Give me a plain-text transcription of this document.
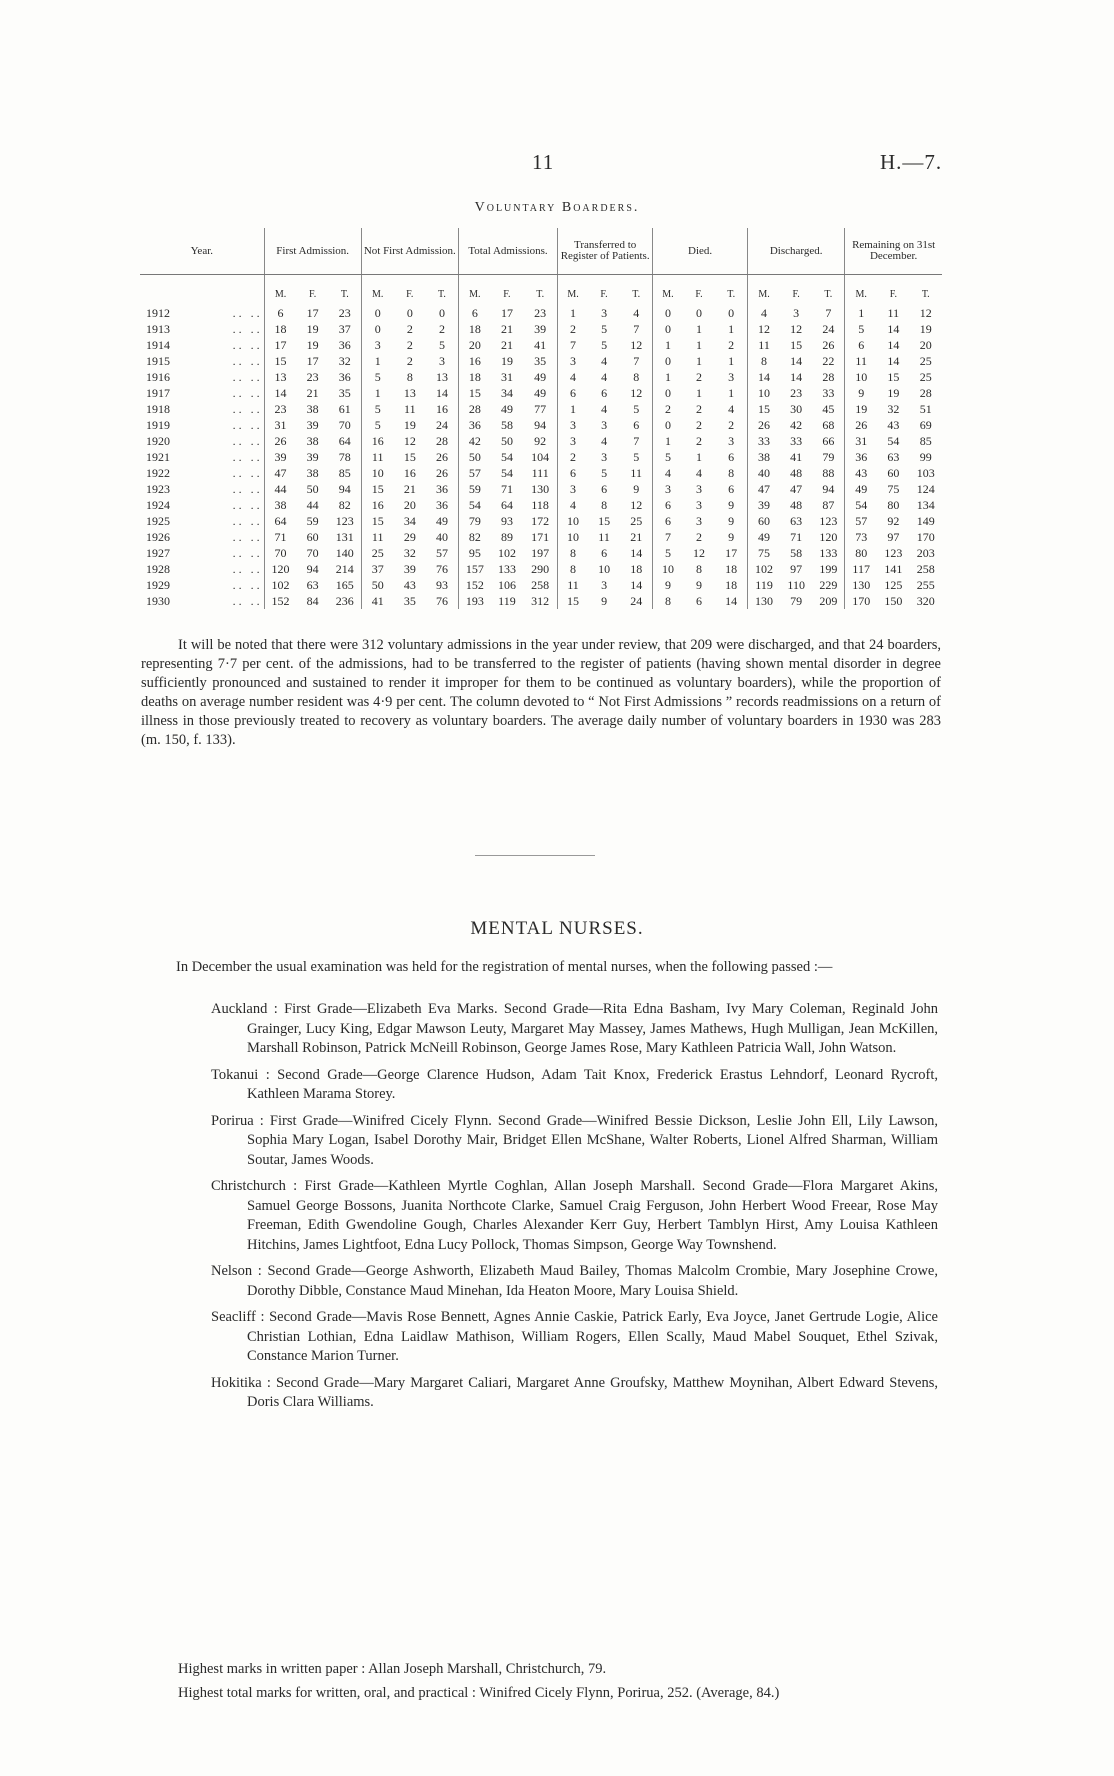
11	H.—7.
Voluntary Boarders.
Year.	First Admission.			Not First Admission.			Total Admissions.			Transferred to Register of Patients.			Died.			Discharged.			Remaining on 31st December.		
	M.	F.	T.	M.	F.	T.	M.	F.	T.	M.	F.	T.	M.	F.	T.	M.	F.	T.	M.	F.	T.
1912 . .   . .	6	17	23	0	0	0	6	17	23	1	3	4	0	0	0	4	3	7	1	11	12
1913 . .   . .	18	19	37	0	2	2	18	21	39	2	5	7	0	1	1	12	12	24	5	14	19
1914 . .   . .	17	19	36	3	2	5	20	21	41	7	5	12	1	1	2	11	15	26	6	14	20
1915 . .   . .	15	17	32	1	2	3	16	19	35	3	4	7	0	1	1	8	14	22	11	14	25
1916 . .   . .	13	23	36	5	8	13	18	31	49	4	4	8	1	2	3	14	14	28	10	15	25
1917 . .   . .	14	21	35	1	13	14	15	34	49	6	6	12	0	1	1	10	23	33	9	19	28
1918 . .   . .	23	38	61	5	11	16	28	49	77	1	4	5	2	2	4	15	30	45	19	32	51
1919 . .   . .	31	39	70	5	19	24	36	58	94	3	3	6	0	2	2	26	42	68	26	43	69
1920 . .   . .	26	38	64	16	12	28	42	50	92	3	4	7	1	2	3	33	33	66	31	54	85
1921 . .   . .	39	39	78	11	15	26	50	54	104	2	3	5	5	1	6	38	41	79	36	63	99
1922 . .   . .	47	38	85	10	16	26	57	54	111	6	5	11	4	4	8	40	48	88	43	60	103
1923 . .   . .	44	50	94	15	21	36	59	71	130	3	6	9	3	3	6	47	47	94	49	75	124
1924 . .   . .	38	44	82	16	20	36	54	64	118	4	8	12	6	3	9	39	48	87	54	80	134
1925 . .   . .	64	59	123	15	34	49	79	93	172	10	15	25	6	3	9	60	63	123	57	92	149
1926 . .   . .	71	60	131	11	29	40	82	89	171	10	11	21	7	2	9	49	71	120	73	97	170
1927 . .   . .	70	70	140	25	32	57	95	102	197	8	6	14	5	12	17	75	58	133	80	123	203
1928 . .   . .	120	94	214	37	39	76	157	133	290	8	10	18	10	8	18	102	97	199	117	141	258
1929 . .   . .	102	63	165	50	43	93	152	106	258	11	3	14	9	9	18	119	110	229	130	125	255
1930 . .   . .	152	84	236	41	35	76	193	119	312	15	9	24	8	6	14	130	79	209	170	150	320

It will be noted that there were 312 voluntary admissions in the year under review, that 209 were discharged, and that 24 boarders, representing 7·7 per cent. of the admissions, had to be transferred to the register of patients (having shown mental disorder in degree sufficiently pronounced and sustained to render it improper for them to be continued as voluntary boarders), while the proportion of deaths on average number resident was 4·9 per cent. The column devoted to “ Not First Admissions ” records readmissions on a return of illness in those previously treated to recovery as voluntary boarders. The average daily number of voluntary boarders in 1930 was 283 (m. 150, f. 133).

MENTAL NURSES.

In December the usual examination was held for the registration of mental nurses, when the following passed :—

Auckland : First Grade—Elizabeth Eva Marks. Second Grade—Rita Edna Basham, Ivy Mary Coleman, Reginald John Grainger, Lucy King, Edgar Mawson Leuty, Margaret May Massey, James Mathews, Hugh Mulligan, Jean McKillen, Marshall Robinson, Patrick McNeill Robinson, George James Rose, Mary Kathleen Patricia Wall, John Watson.

Tokanui : Second Grade—George Clarence Hudson, Adam Tait Knox, Frederick Erastus Lehndorf, Leonard Rycroft, Kathleen Marama Storey.

Porirua : First Grade—Winifred Cicely Flynn. Second Grade—Winifred Bessie Dickson, Leslie John Ell, Lily Lawson, Sophia Mary Logan, Isabel Dorothy Mair, Bridget Ellen McShane, Walter Roberts, Lionel Alfred Sharman, William Soutar, James Woods.

Christchurch : First Grade—Kathleen Myrtle Coghlan, Allan Joseph Marshall. Second Grade—Flora Margaret Akins, Samuel George Bossons, Juanita Northcote Clarke, Samuel Craig Ferguson, John Herbert Wood Freear, Rose May Freeman, Edith Gwendoline Gough, Charles Alexander Kerr Guy, Herbert Tamblyn Hirst, Amy Louisa Kathleen Hitchins, James Lightfoot, Edna Lucy Pollock, Thomas Simpson, George Way Townshend.

Nelson : Second Grade—George Ashworth, Elizabeth Maud Bailey, Thomas Malcolm Crombie, Mary Josephine Crowe, Dorothy Dibble, Constance Maud Minehan, Ida Heaton Moore, Mary Louisa Shield.

Seacliff : Second Grade—Mavis Rose Bennett, Agnes Annie Caskie, Patrick Early, Eva Joyce, Janet Gertrude Logie, Alice Christian Lothian, Edna Laidlaw Mathison, William Rogers, Ellen Scally, Maud Mabel Souquet, Ethel Szivak, Constance Marion Turner.

Hokitika : Second Grade—Mary Margaret Caliari, Margaret Anne Groufsky, Matthew Moynihan, Albert Edward Stevens, Doris Clara Williams.

Highest marks in written paper : Allan Joseph Marshall, Christchurch, 79.
Highest total marks for written, oral, and practical : Winifred Cicely Flynn, Porirua, 252. (Average, 84.)
